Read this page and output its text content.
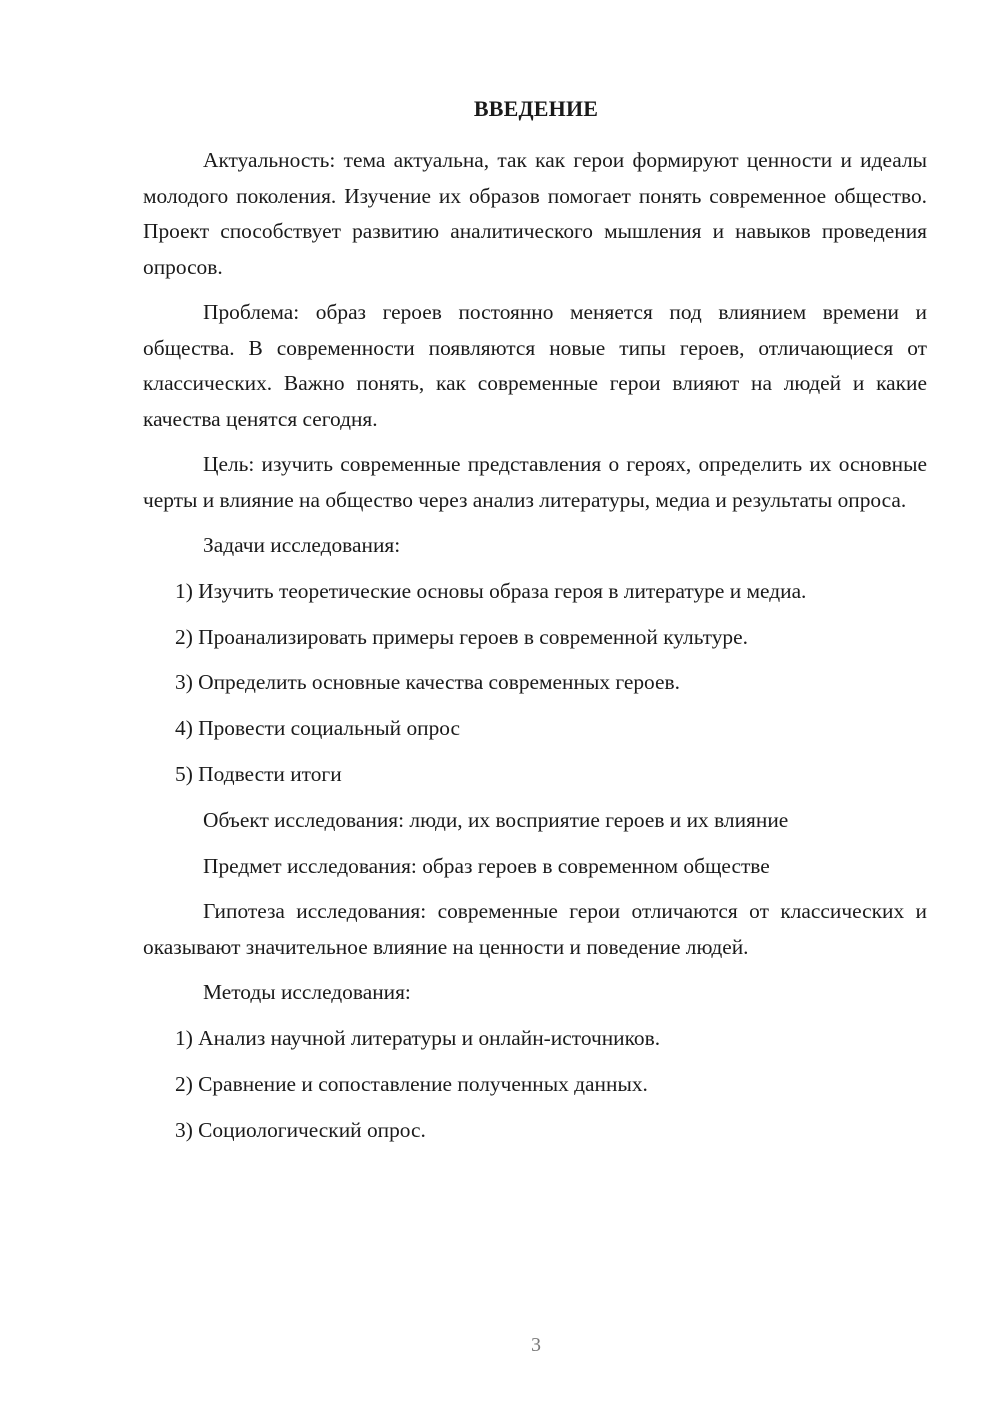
ВВЕДЕНИЕ

Актуальность: тема актуальна, так как герои формируют ценности и идеалы молодого поколения. Изучение их образов помогает понять современное общество. Проект способствует развитию аналитического мышления и навыков проведения опросов.

Проблема: образ героев постоянно меняется под влиянием времени и общества. В современности появляются новые типы героев, отличающиеся от классических. Важно понять, как современные герои влияют на людей и какие качества ценятся сегодня.

Цель: изучить современные представления о героях, определить их основные черты и влияние на общество через анализ литературы, медиа и результаты опроса.

Задачи исследования:
1) Изучить теоретические основы образа героя в литературе и медиа.
2) Проанализировать примеры героев в современной культуре.
3) Определить основные качества современных героев.
4) Провести социальный опрос
5) Подвести итоги
Объект исследования: люди, их восприятие героев и их влияние
Предмет исследования: образ героев в современном обществе

Гипотеза исследования: современные герои отличаются от классических и оказывают значительное влияние на ценности и поведение людей.

Методы исследования:
1) Анализ научной литературы и онлайн-источников.
2) Сравнение и сопоставление полученных данных.
3) Социологический опрос.
3
